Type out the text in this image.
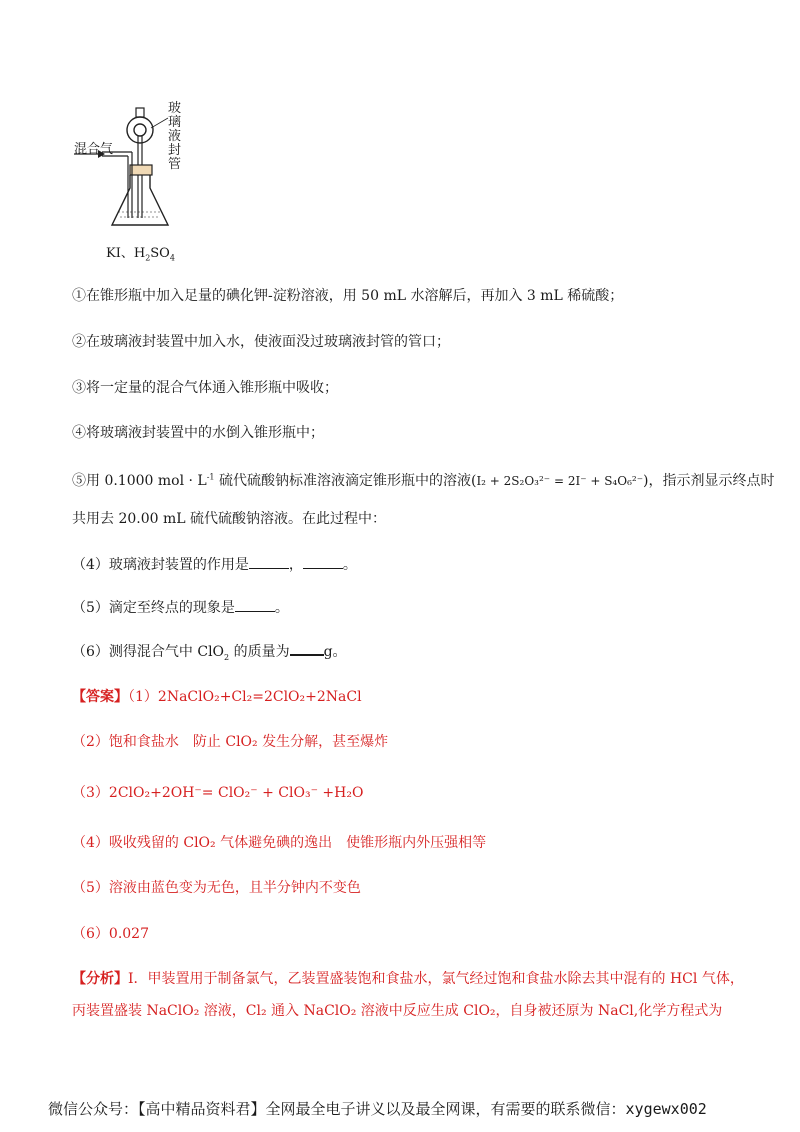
混合气
玻
璃
液
封
管
KI、$H_2SO_4$
①在锥形瓶中加入足量的碘化钾-淀粉溶液，用 50 mL 水溶解后，再加入 3 mL 稀硫酸；
②在玻璃液封装置中加入水，使液面没过玻璃液封管的管口；
③将一定量的混合气体通入锥形瓶中吸收；
④将玻璃液封装置中的水倒入锥形瓶中；
⑤用 0.1000 mol · $L^{-1}$ 硫代硫酸钠标准溶液滴定锥形瓶中的溶液(I₂ + 2S₂O₃²⁻ = 2I⁻ + S₄O₆²⁻)，指示剂显示终点时
共用去 20.00 mL 硫代硫酸钠溶液。在此过程中：
（4）玻璃液封装置的作用是	，	。
（5）滴定至终点的现象是	。
（6）测得混合气中 ClO$_2$ 的质量为 g。
【答案】（1）2NaClO₂+Cl₂=2ClO₂+2NaCl
（2）饱和食盐水　防止 ClO₂ 发生分解，甚至爆炸
（3）2ClO₂+2OH⁻= ClO₂⁻ + ClO₃⁻ +H₂O
（4）吸收残留的 ClO₂ 气体避免碘的逸出　使锥形瓶内外压强相等
（5）溶液由蓝色变为无色，且半分钟内不变色
（6）0.027
【分析】I．甲装置用于制备氯气，乙装置盛装饱和食盐水，氯气经过饱和食盐水除去其中混有的 HCl 气体，
丙装置盛装 NaClO₂ 溶液，Cl₂ 通入 NaClO₂ 溶液中反应生成 ClO₂，自身被还原为 NaCl,化学方程式为
微信公众号：【高中精品资料君】全网最全电子讲义以及最全网课，有需要的联系微信：xygewx002
